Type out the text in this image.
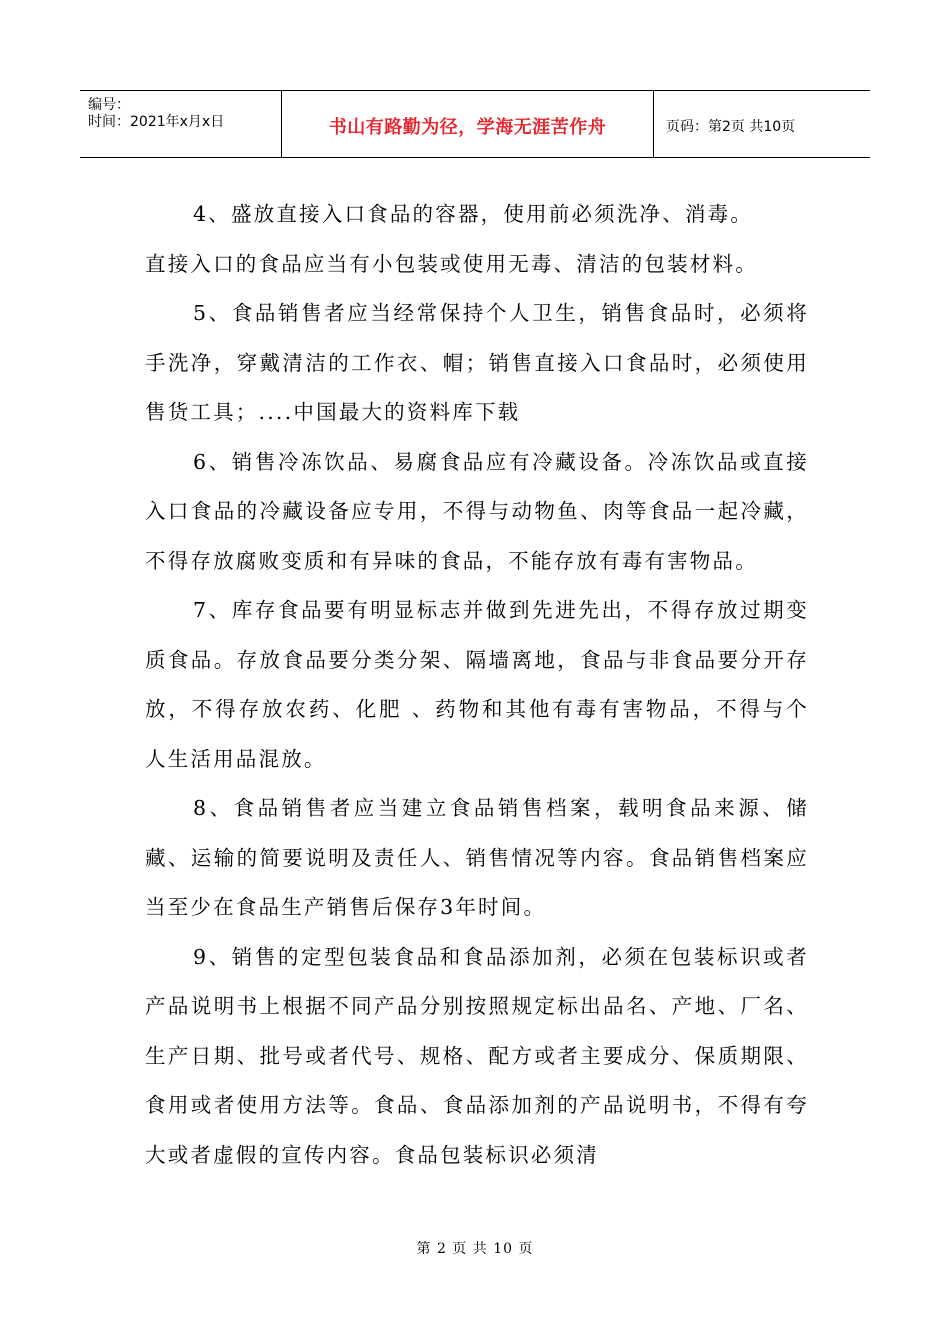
编号：
时间：2021年x月x日	书山有路勤为径，学海无涯苦作舟	页码：第2页 共10页

4、盛放直接入口食品的容器，使用前必须洗净、消毒。

直接入口的食品应当有小包装或使用无毒、清洁的包装材料。

5、食品销售者应当经常保持个人卫生，销售食品时，必须将手洗净，穿戴清洁的工作衣、帽；销售直接入口食品时，必须使用售货工具；....中国最大的资料库下载

6、销售冷冻饮品、易腐食品应有冷藏设备。冷冻饮品或直接入口食品的冷藏设备应专用，不得与动物鱼、肉等食品一起冷藏，不得存放腐败变质和有异味的食品，不能存放有毒有害物品。

7、库存食品要有明显标志并做到先进先出，不得存放过期变质食品。存放食品要分类分架、隔墙离地，食品与非食品要分开存放，不得存放农药、化肥 、药物和其他有毒有害物品，不得与个人生活用品混放。

8、食品销售者应当建立食品销售档案，载明食品来源、储藏、运输的简要说明及责任人、销售情况等内容。食品销售档案应当至少在食品生产销售后保存3年时间。

9、销售的定型包装食品和食品添加剂，必须在包装标识或者产品说明书上根据不同产品分别按照规定标出品名、产地、厂名、生产日期、批号或者代号、规格、配方或者主要成分、保质期限、食用或者使用方法等。食品、食品添加剂的产品说明书，不得有夸大或者虚假的宣传内容。食品包装标识必须清

第 2 页 共 10 页
